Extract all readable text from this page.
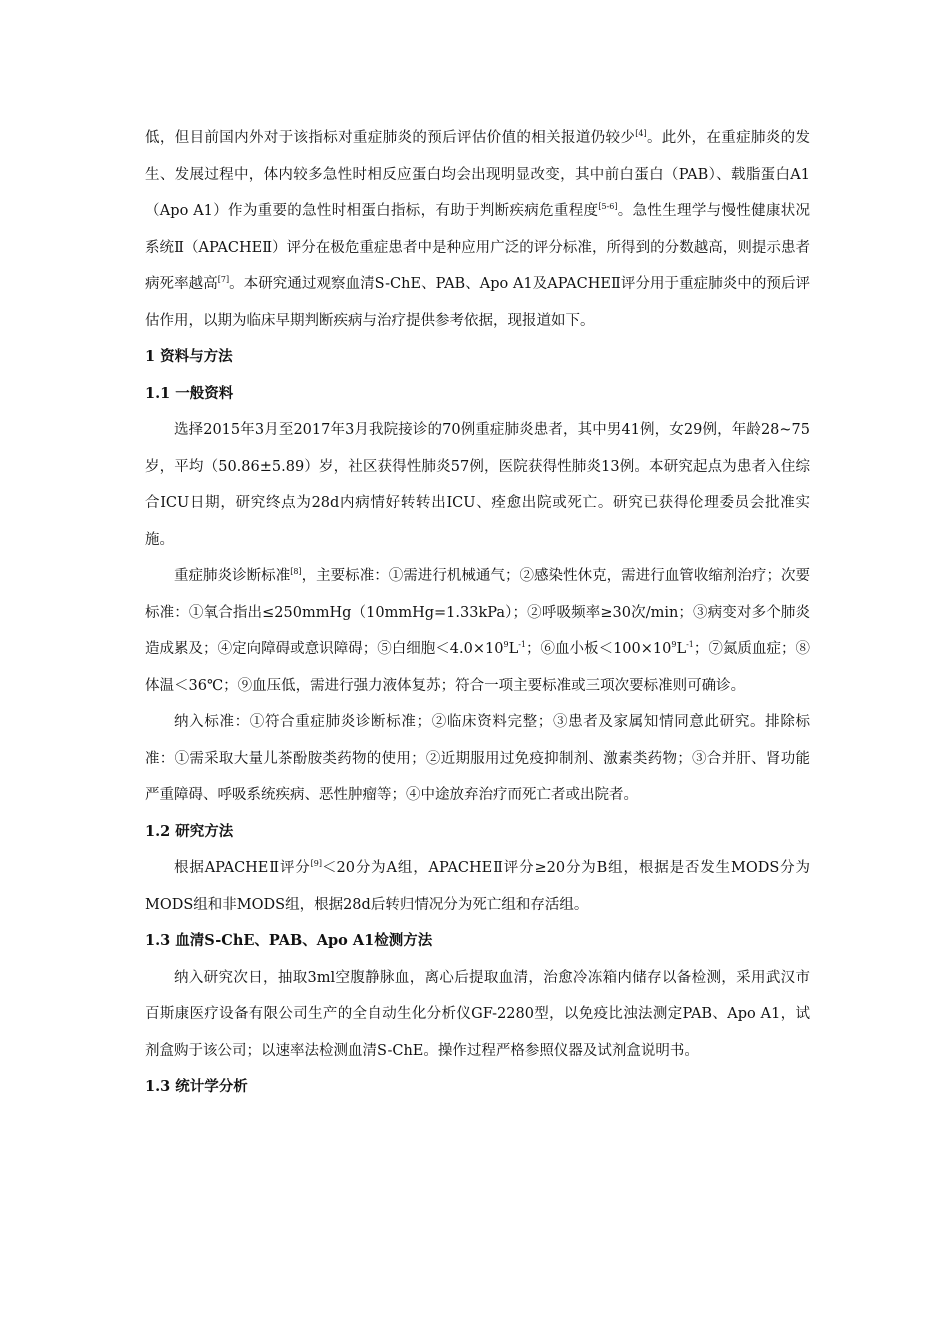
低，但目前国内外对于该指标对重症肺炎的预后评估价值的相关报道仍较少[4]。此外，在重症肺炎的发生、发展过程中，体内较多急性时相反应蛋白均会出现明显改变，其中前白蛋白（PAB）、载脂蛋白A1（Apo A1）作为重要的急性时相蛋白指标，有助于判断疾病危重程度[5-6]。急性生理学与慢性健康状况系统Ⅱ（APACHEⅡ）评分在极危重症患者中是种应用广泛的评分标准，所得到的分数越高，则提示患者病死率越高[7]。本研究通过观察血清S-ChE、PAB、Apo A1及APACHEⅡ评分用于重症肺炎中的预后评估作用，以期为临床早期判断疾病与治疗提供参考依据，现报道如下。

1 资料与方法

1.1 一般资料

选择2015年3月至2017年3月我院接诊的70例重症肺炎患者，其中男41例，女29例，年龄28~75岁，平均（50.86±5.89）岁，社区获得性肺炎57例，医院获得性肺炎13例。本研究起点为患者入住综合ICU日期，研究终点为28d内病情好转转出ICU、痊愈出院或死亡。研究已获得伦理委员会批准实施。

重症肺炎诊断标准[8]，主要标准：①需进行机械通气；②感染性休克，需进行血管收缩剂治疗；次要标准：①氧合指出≤250mmHg（10mmHg=1.33kPa）；②呼吸频率≥30次/min；③病变对多个肺炎造成累及；④定向障碍或意识障碍；⑤白细胞$<4.0\times 10^9L^{-1}$；⑥血小板$<100\times 10^9L^{-1}$；⑦氮质血症；⑧体温＜36℃；⑨血压低，需进行强力液体复苏；符合一项主要标准或三项次要标准则可确诊。

纳入标准：①符合重症肺炎诊断标准；②临床资料完整；③患者及家属知情同意此研究。排除标准：①需采取大量儿茶酚胺类药物的使用；②近期服用过免疫抑制剂、激素类药物；③合并肝、肾功能严重障碍、呼吸系统疾病、恶性肿瘤等；④中途放弃治疗而死亡者或出院者。

1.2 研究方法

根据APACHEⅡ评分[9]＜20分为A组，APACHEⅡ评分≥20分为B组，根据是否发生MODS分为MODS组和非MODS组，根据28d后转归情况分为死亡组和存活组。

1.3 血清S-ChE、PAB、Apo A1检测方法

纳入研究次日，抽取3ml空腹静脉血，离心后提取血清，治愈冷冻箱内储存以备检测，采用武汉市百斯康医疗设备有限公司生产的全自动生化分析仪GF-2280型，以免疫比浊法测定PAB、Apo A1，试剂盒购于该公司；以速率法检测血清S-ChE。操作过程严格参照仪器及试剂盒说明书。

1.3 统计学分析
